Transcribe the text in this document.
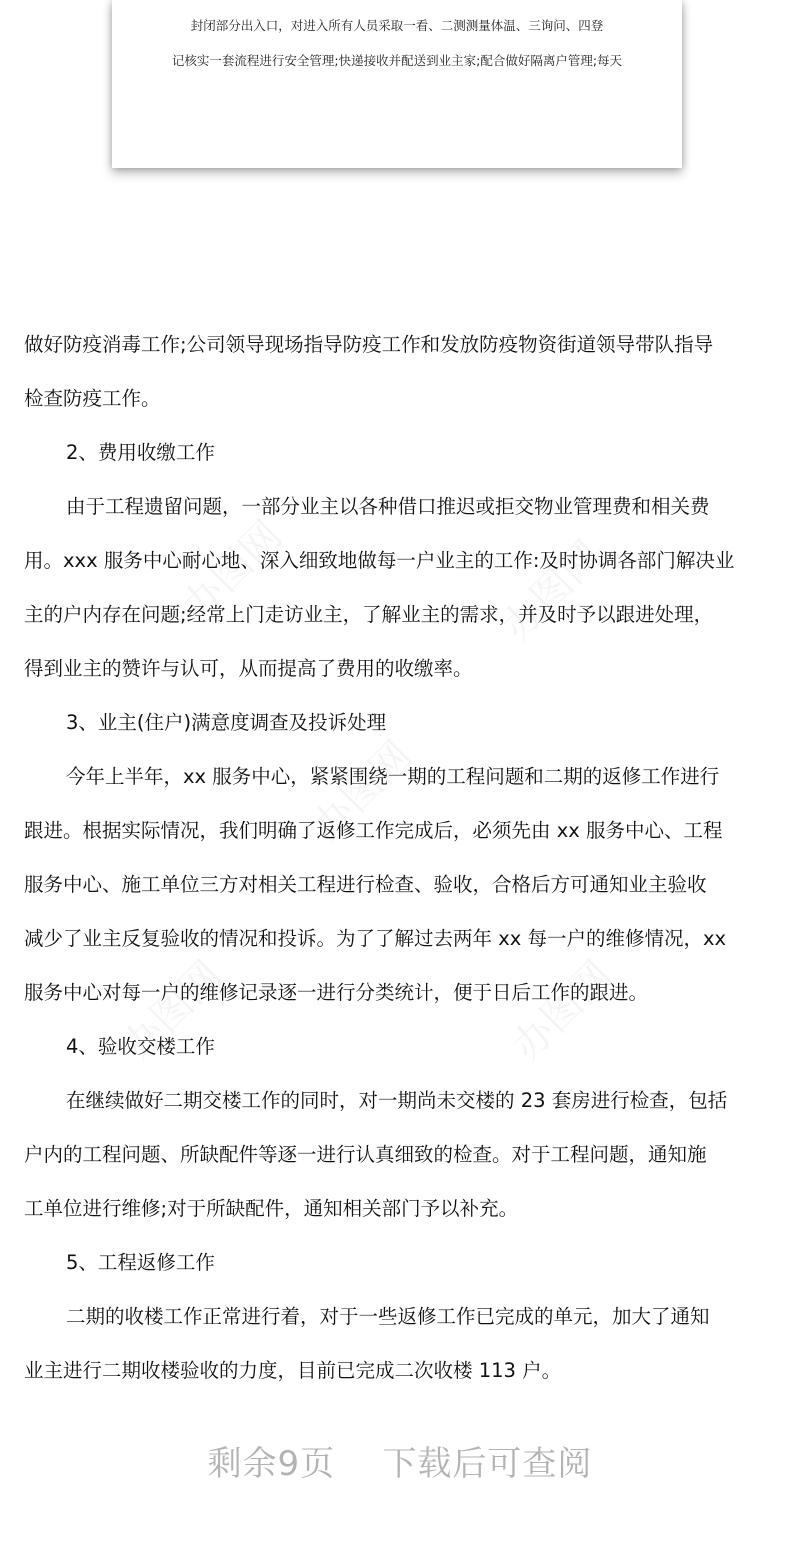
封闭部分出入口，对进入所有人员采取一看、二测测量体温、三询问、四登
记核实一套流程进行安全管理;快递接收并配送到业主家;配合做好隔离户管理;每天
做好防疫消毒工作;公司领导现场指导防疫工作和发放防疫物资街道领导带队指导
检查防疫工作。
2、费用收缴工作
由于工程遗留问题，一部分业主以各种借口推迟或拒交物业管理费和相关费
用。xxx 服务中心耐心地、深入细致地做每一户业主的工作:及时协调各部门解决业
主的户内存在问题;经常上门走访业主，了解业主的需求，并及时予以跟进处理，
得到业主的赞许与认可，从而提高了费用的收缴率。
3、业主(住户)满意度调查及投诉处理
今年上半年，xx 服务中心，紧紧围绕一期的工程问题和二期的返修工作进行
跟进。根据实际情况，我们明确了返修工作完成后，必须先由 xx 服务中心、工程
服务中心、施工单位三方对相关工程进行检查、验收，合格后方可通知业主验收
减少了业主反复验收的情况和投诉。为了了解过去两年 xx 每一户的维修情况，xx
服务中心对每一户的维修记录逐一进行分类统计，便于日后工作的跟进。
4、验收交楼工作
在继续做好二期交楼工作的同时，对一期尚未交楼的 23 套房进行检查，包括
户内的工程问题、所缺配件等逐一进行认真细致的检查。对于工程问题，通知施
工单位进行维修;对于所缺配件，通知相关部门予以补充。
5、工程返修工作
二期的收楼工作正常进行着，对于一些返修工作已完成的单元，加大了通知
业主进行二期收楼验收的力度，目前已完成二次收楼 113 户。
剩余9页 下载后可查阅
